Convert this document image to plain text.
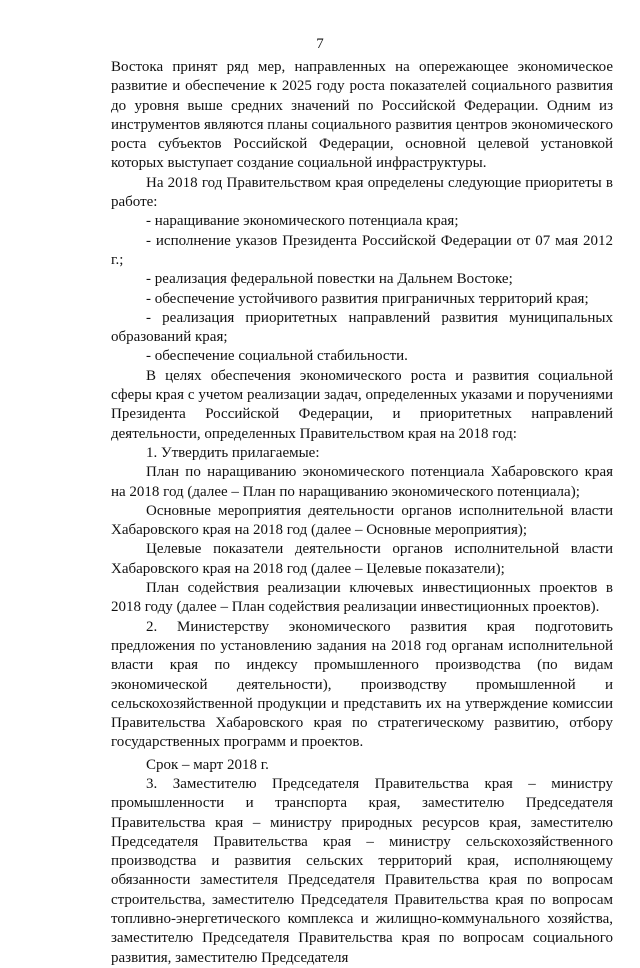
7

Востока принят ряд мер, направленных на опережающее экономическое развитие и обеспечение к 2025 году роста показателей социального развития до уровня выше средних значений по Российской Федерации. Одним из инструментов являются планы социального развития центров экономического роста субъектов Российской Федерации, основной целевой установкой которых выступает создание социальной инфраструктуры.

На 2018 год Правительством края определены следующие приоритеты в работе:

- наращивание экономического потенциала края;

- исполнение указов Президента Российской Федерации от 07 мая 2012 г.;

- реализация федеральной повестки на Дальнем Востоке;

- обеспечение устойчивого развития приграничных территорий края;

- реализация приоритетных направлений развития муниципальных образований края;

- обеспечение социальной стабильности.

В целях обеспечения экономического роста и развития социальной сферы края с учетом реализации задач, определенных указами и поручениями Президента Российской Федерации, и приоритетных направлений деятельности, определенных Правительством края на 2018 год:

1. Утвердить прилагаемые:

План по наращиванию экономического потенциала Хабаровского края на 2018 год (далее – План по наращиванию экономического потенциала);

Основные мероприятия деятельности органов исполнительной власти Хабаровского края на 2018 год (далее – Основные мероприятия);

Целевые показатели деятельности органов исполнительной власти Хабаровского края на 2018 год (далее – Целевые показатели);

План содействия реализации ключевых инвестиционных проектов в 2018 году (далее – План содействия реализации инвестиционных проектов).

2. Министерству экономического развития края подготовить предложения по установлению задания на 2018 год органам исполнительной власти края по индексу промышленного производства (по видам экономической деятельности), производству промышленной и сельскохозяйственной продукции и представить их на утверждение комиссии Правительства Хабаровского края по стратегическому развитию, отбору государственных программ и проектов.

Срок – март 2018 г.

3. Заместителю Председателя Правительства края – министру промышленности и транспорта края, заместителю Председателя Правительства края – министру природных ресурсов края, заместителю Председателя Правительства края – министру сельскохозяйственного производства и развития сельских территорий края, исполняющему обязанности заместителя Председателя Правительства края по вопросам строительства, заместителю Председателя Правительства края по вопросам топливно-энергетического комплекса и жилищно-коммунального хозяйства, заместителю Председателя Правительства края по вопросам социального развития, заместителю Председателя
